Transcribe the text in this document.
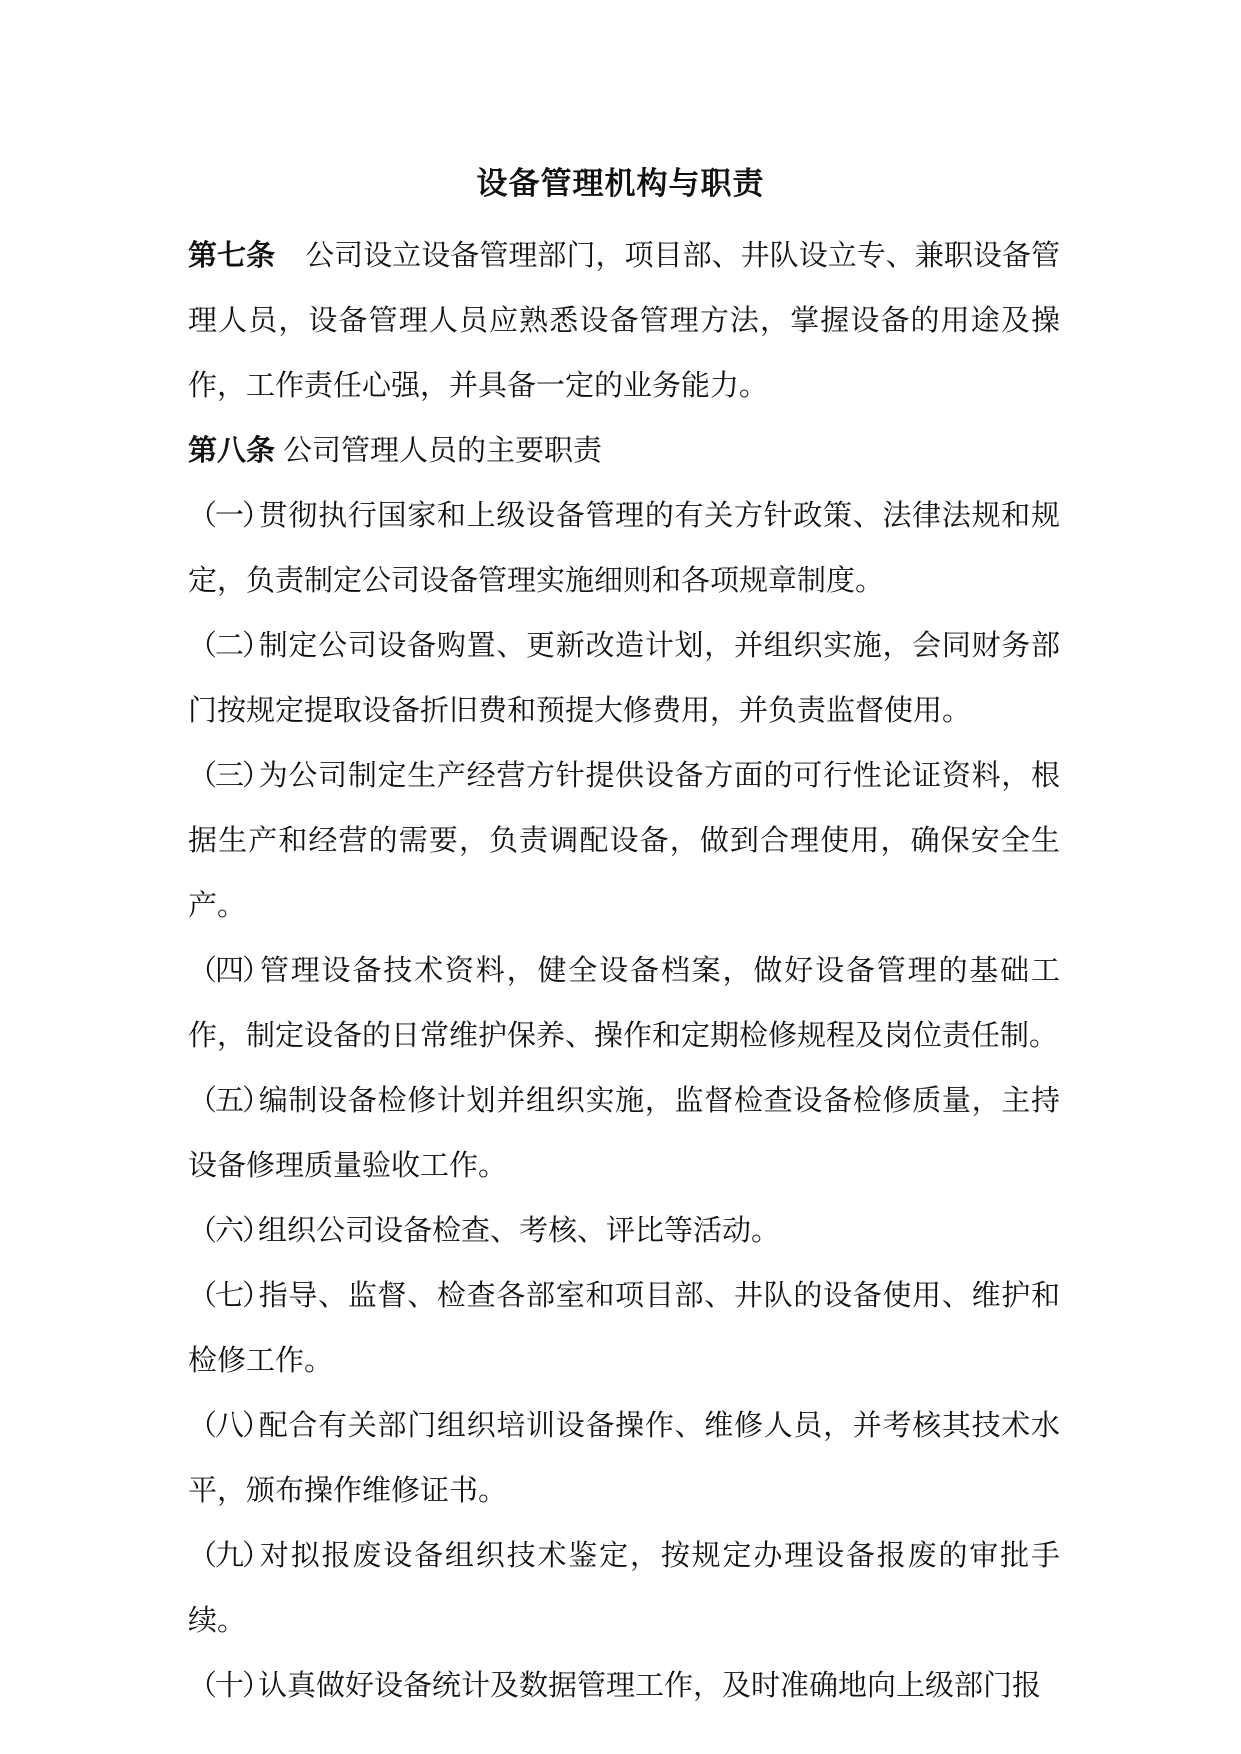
设备管理机构与职责

第七条 公司设立设备管理部门，项目部、井队设立专、兼职设备管理人员，设备管理人员应熟悉设备管理方法，掌握设备的用途及操作，工作责任心强，并具备一定的业务能力。

第八条 公司管理人员的主要职责

（一）贯彻执行国家和上级设备管理的有关方针政策、法律法规和规定，负责制定公司设备管理实施细则和各项规章制度。

（二）制定公司设备购置、更新改造计划，并组织实施，会同财务部门按规定提取设备折旧费和预提大修费用，并负责监督使用。

（三）为公司制定生产经营方针提供设备方面的可行性论证资料，根据生产和经营的需要，负责调配设备，做到合理使用，确保安全生产。

（四）管理设备技术资料，健全设备档案，做好设备管理的基础工作，制定设备的日常维护保养、操作和定期检修规程及岗位责任制。

（五）编制设备检修计划并组织实施，监督检查设备检修质量，主持设备修理质量验收工作。

（六）组织公司设备检查、考核、评比等活动。

（七）指导、监督、检查各部室和项目部、井队的设备使用、维护和检修工作。

（八）配合有关部门组织培训设备操作、维修人员，并考核其技术水平，颁布操作维修证书。

（九）对拟报废设备组织技术鉴定，按规定办理设备报废的审批手续。

（十）认真做好设备统计及数据管理工作，及时准确地向上级部门报
